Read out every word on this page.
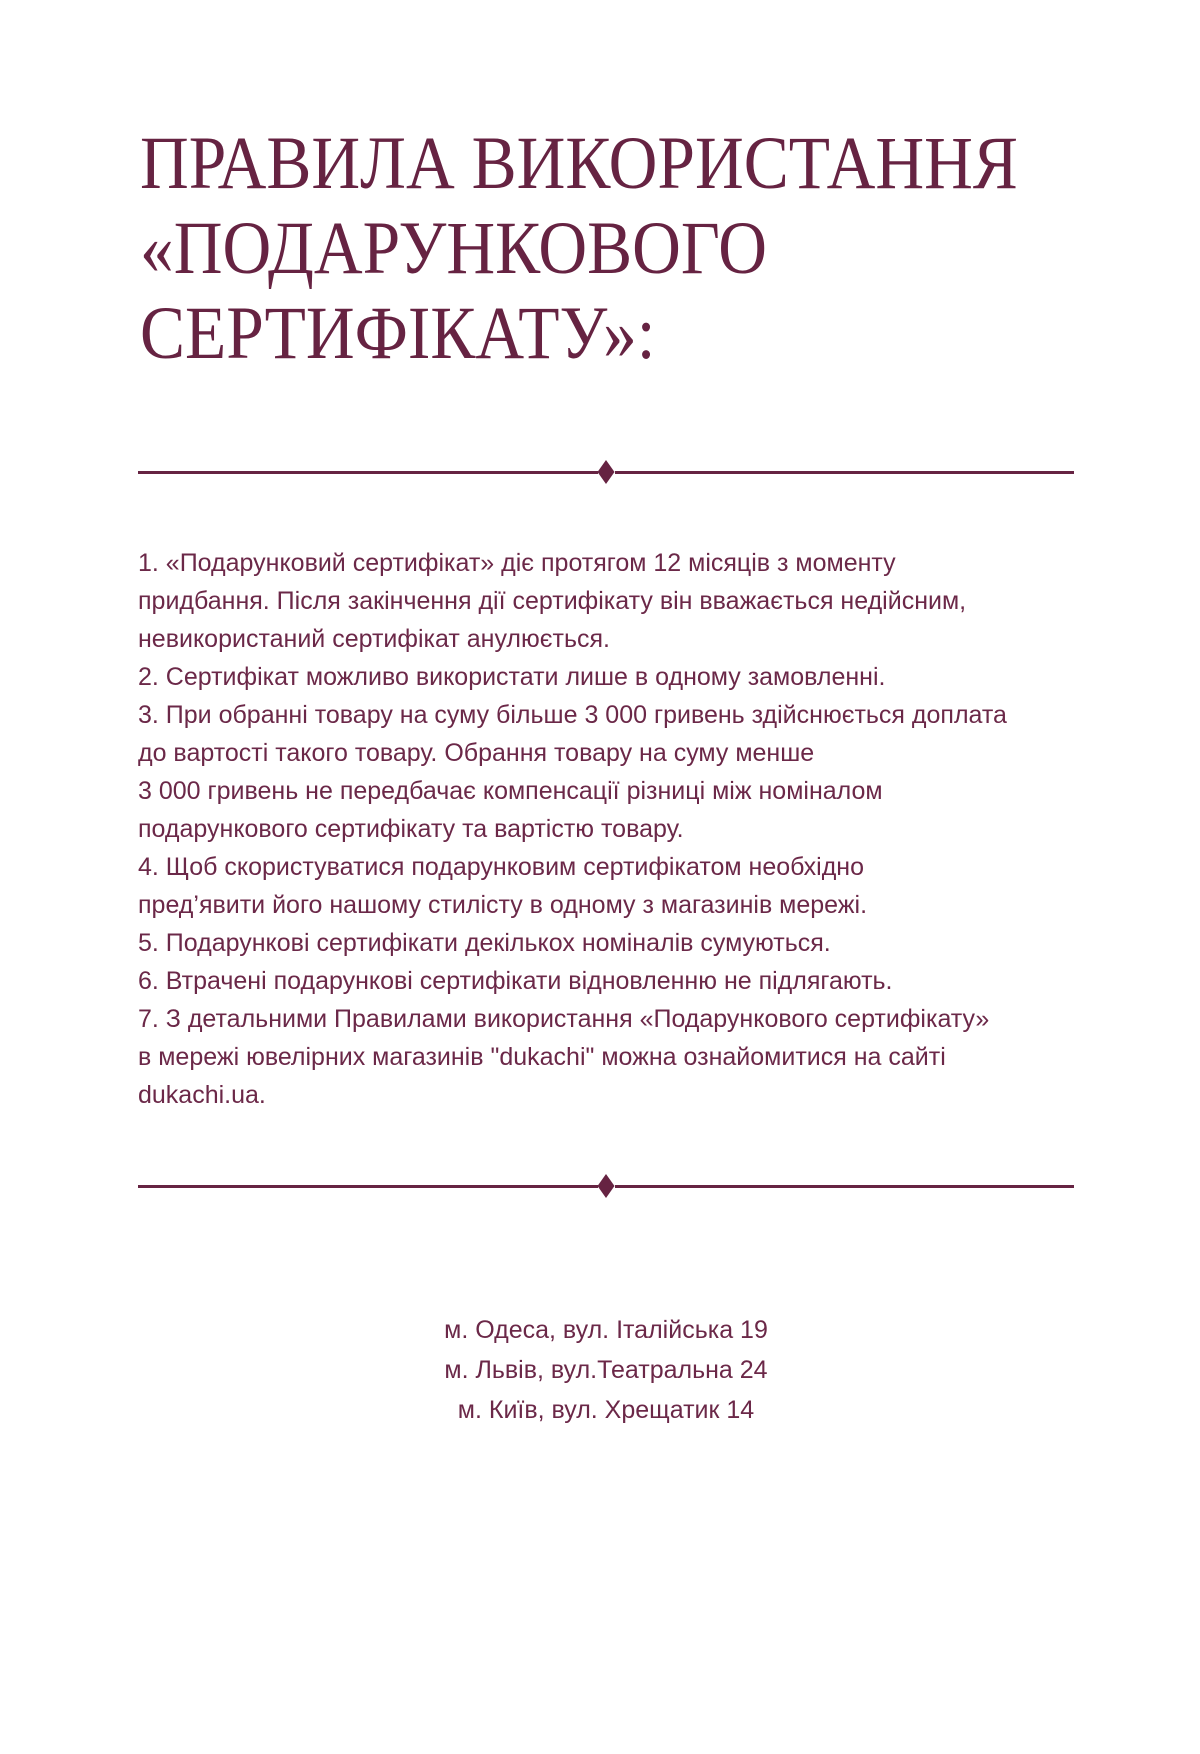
ПРАВИЛА ВИКОРИСТАННЯ
«ПОДАРУНКОВОГО
СЕРТИФІКАТУ»:
1. «Подарунковий сертифікат» діє протягом 12 місяців з моменту
придбання. Після закінчення дії сертифікату він вважається недійсним,
невикористаний сертифікат анулюється.
2. Сертифікат можливо використати лише в одному замовленні.
3. При обранні товару на суму більше 3 000 гривень здійснюється доплата
до вартості такого товару. Обрання товару на суму менше
3 000 гривень не передбачає компенсації різниці між номіналом
подарункового сертифікату та вартістю товару.
4. Щоб скористуватися подарунковим сертифікатом необхідно
пред’явити його нашому стилісту в одному з магазинів мережі.
5. Подарункові сертифікати декількох номіналів сумуються.
6. Втрачені подарункові сертифікати відновленню не підлягають.
7. З детальними Правилами використання «Подарункового сертифікату»
в мережі ювелірних магазинів "dukachi" можна ознайомитися на сайті
dukachi.ua.
м. Одеса, вул. Італійська 19
м. Львів, вул.Театральна 24
м. Київ, вул. Хрещатик 14
